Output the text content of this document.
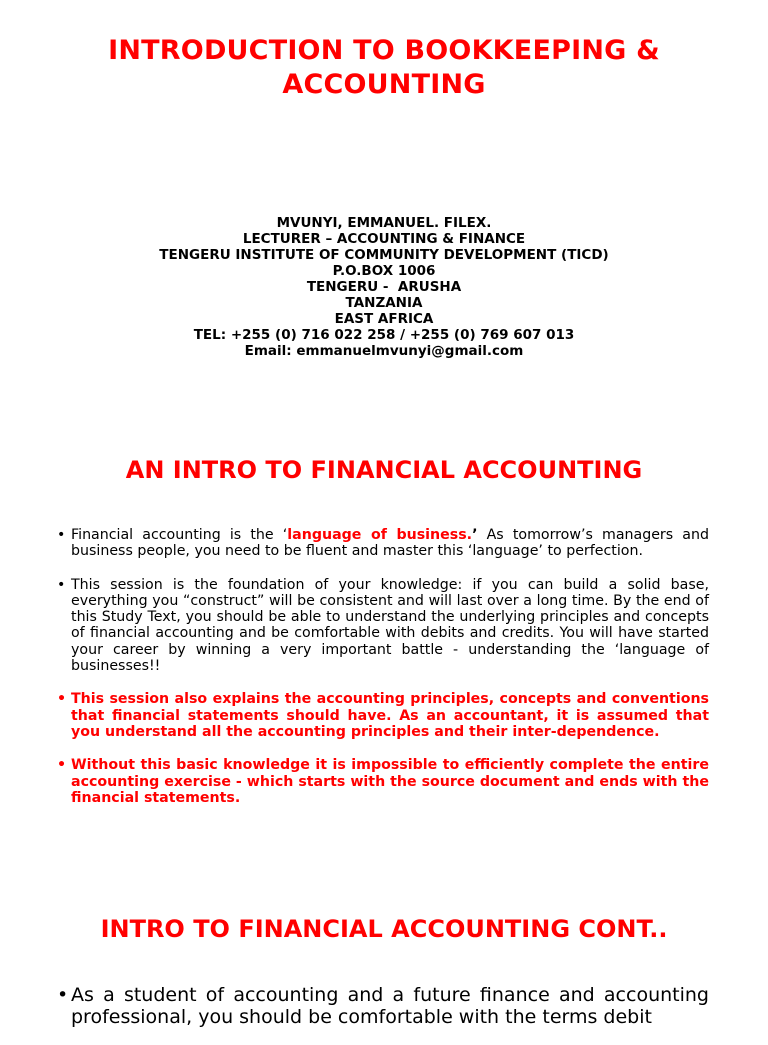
INTRODUCTION TO BOOKKEEPING &
ACCOUNTING
MVUNYI, EMMANUEL. FILEX.
LECTURER – ACCOUNTING & FINANCE
TENGERU INSTITUTE OF COMMUNITY DEVELOPMENT (TICD)
P.O.BOX 1006
TENGERU -  ARUSHA
TANZANIA
EAST AFRICA
TEL: +255 (0) 716 022 258 / +255 (0) 769 607 013
Email: emmanuelmvunyi@gmail.com
AN INTRO TO FINANCIAL ACCOUNTING
• Financial accounting is the ‘language of business.’ As tomorrow’s managers and business people, you need to be fluent and master this ‘language’ to perfection.
• This session is the foundation of your knowledge: if you can build a solid base, everything you “construct” will be consistent and will last over a long time. By the end of this Study Text, you should be able to understand the underlying principles and concepts of financial accounting and be comfortable with debits and credits. You will have started your career by winning a very important battle - understanding the ‘language of businesses!!
• This session also explains the accounting principles, concepts and conventions that financial statements should have. As an accountant, it is assumed that you understand all the accounting principles and their inter-dependence.
• Without this basic knowledge it is impossible to efficiently complete the entire accounting exercise - which starts with the source document and ends with the financial statements.
INTRO TO FINANCIAL ACCOUNTING CONT..
• As a student of accounting and a future finance and accounting professional, you should be comfortable with the terms debit
